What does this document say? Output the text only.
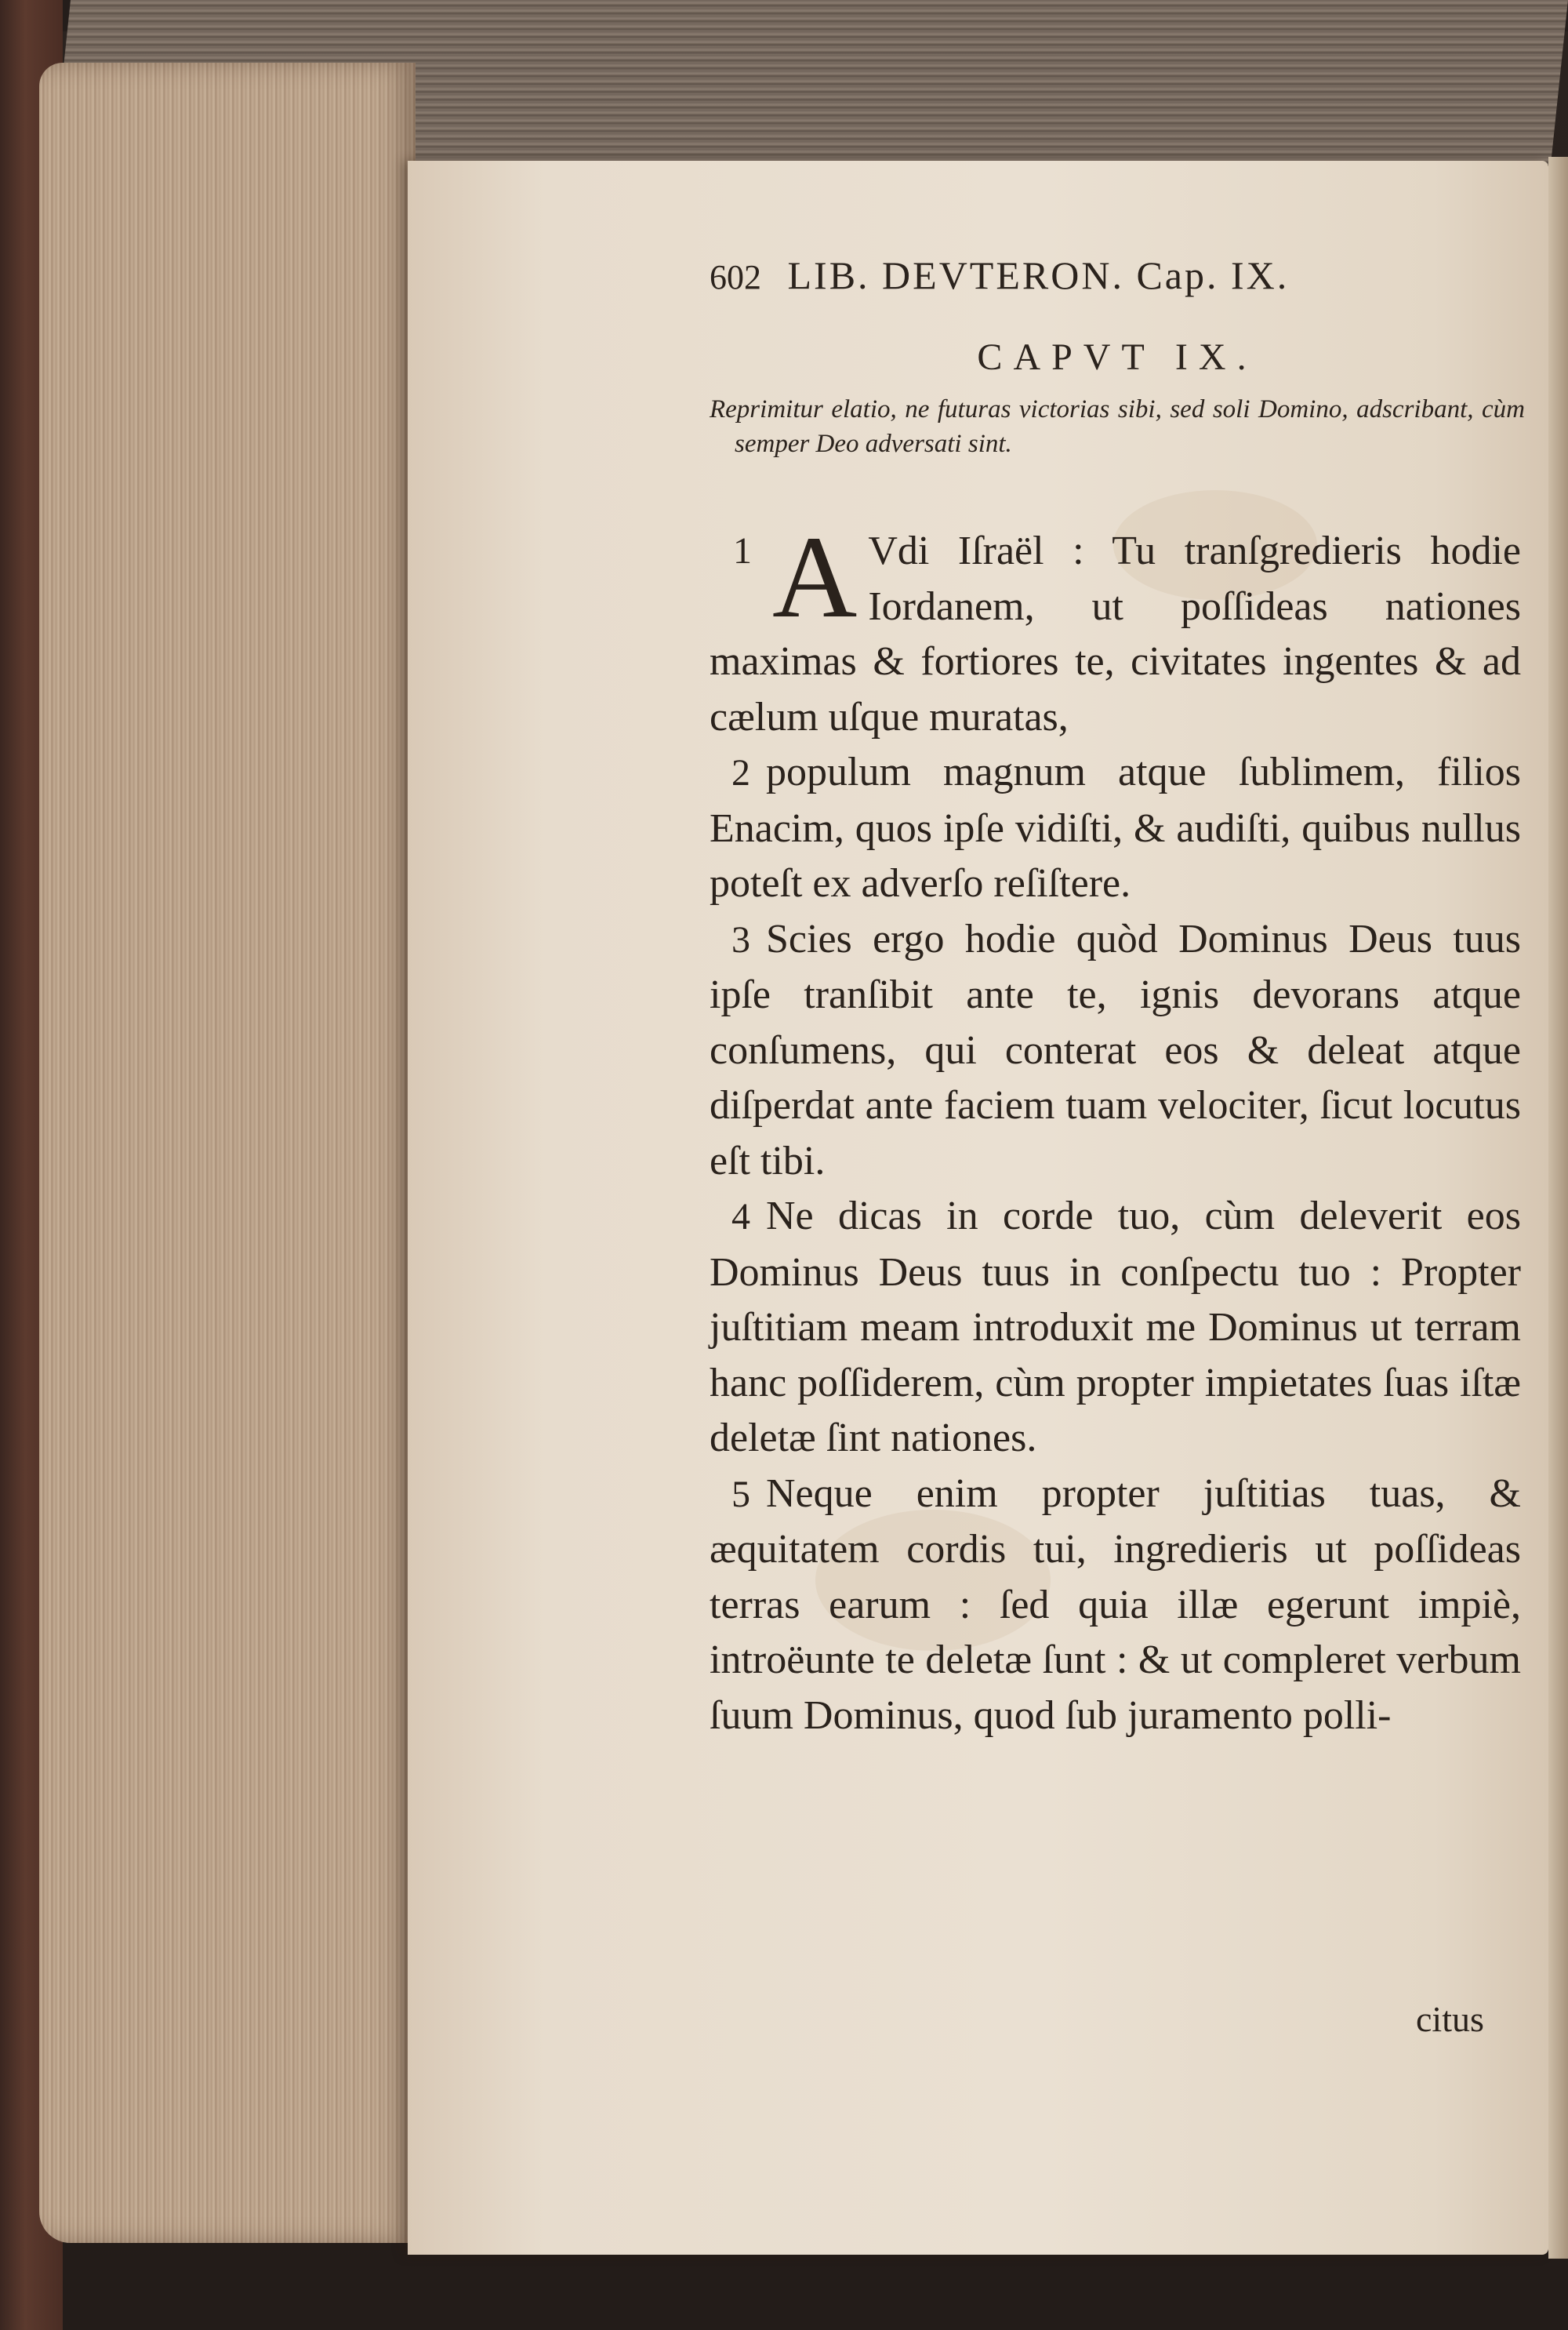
602 LIB. DEVTERON. Cap. IX.
CAPVT IX.
Reprimitur elatio, ne futuras victorias sibi, sed soli Domino, adscribant, cùm semper Deo adversati sint.

1 A Vdi Iſraël : Tu tranſgredieris hodie Iordanem, ut poſſideas nationes maximas & fortiores te, civitates ingentes & ad cælum uſque muratas,

2 populum magnum atque ſublimem, filios Enacim, quos ipſe vidiſti, & audiſti, quibus nullus poteſt ex adverſo reſiſtere.

3 Scies ergo hodie quòd Dominus Deus tuus ipſe tranſibit ante te, ignis devorans atque conſumens, qui conterat eos & deleat atque diſperdat ante faciem tuam velociter, ſicut locutus eſt tibi.

4 Ne dicas in corde tuo, cùm deleverit eos Dominus Deus tuus in conſpectu tuo : Propter juſtitiam meam introduxit me Dominus ut terram hanc poſſiderem, cùm propter impietates ſuas iſtæ deletæ ſint nationes.

5 Neque enim propter juſtitias tuas, & æquitatem cordis tui, ingredieris ut poſſideas terras earum : ſed quia illæ egerunt impiè, introëunte te deletæ ſunt : & ut compleret verbum ſuum Dominus, quod ſub juramento polli-

citus
